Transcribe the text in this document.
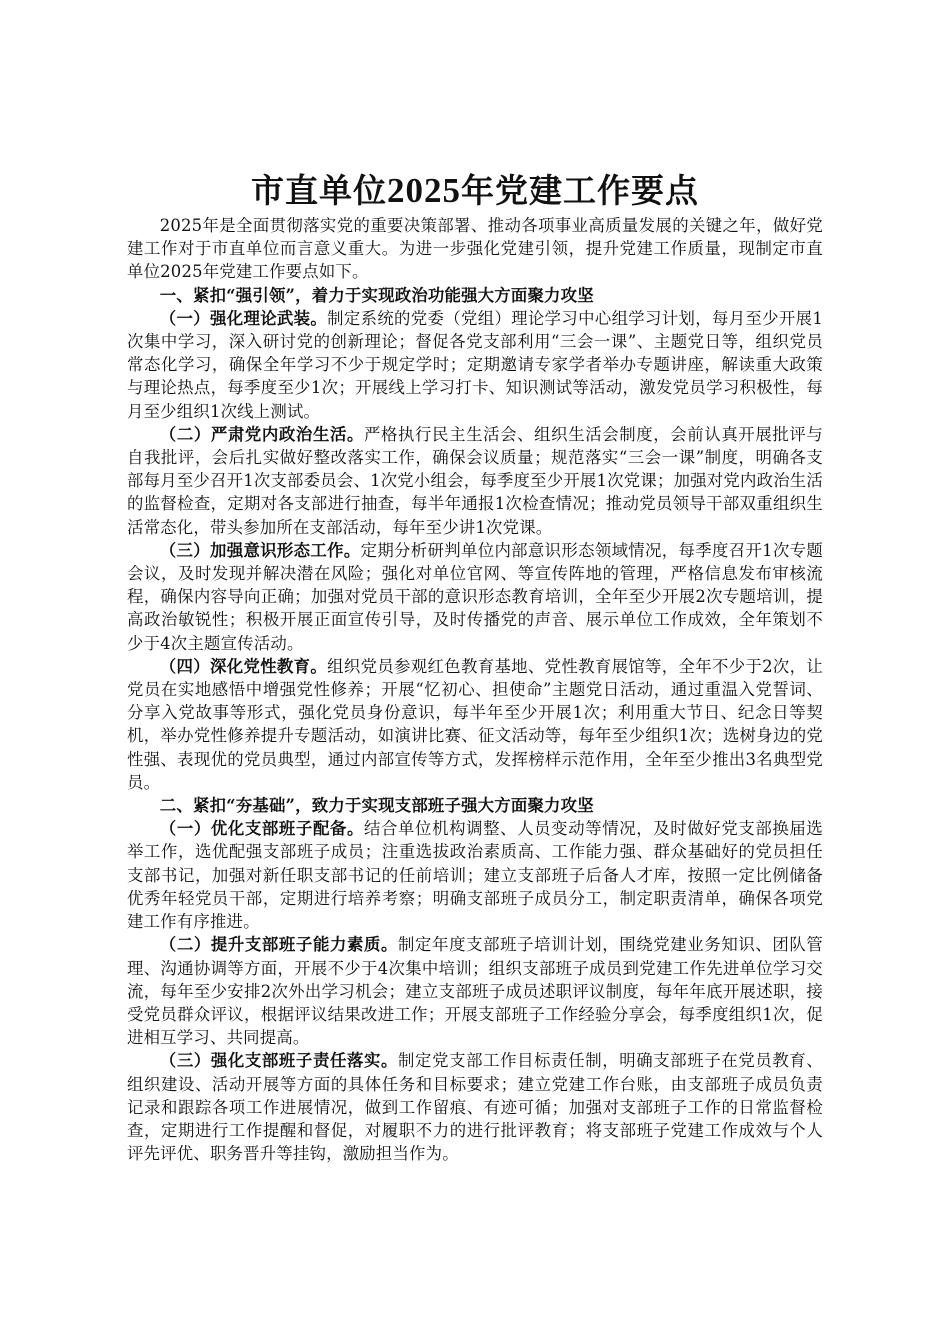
市直单位2025年党建工作要点

2025年是全面贯彻落实党的重要决策部署、推动各项事业高质量发展的关键之年，做好党建工作对于市直单位而言意义重大。为进一步强化党建引领，提升党建工作质量，现制定市直单位2025年党建工作要点如下。

一、紧扣“强引领”，着力于实现政治功能强大方面聚力攻坚

（一）强化理论武装。制定系统的党委（党组）理论学习中心组学习计划，每月至少开展1次集中学习，深入研讨党的创新理论；督促各党支部利用“三会一课”、主题党日等，组织党员常态化学习，确保全年学习不少于规定学时；定期邀请专家学者举办专题讲座，解读重大政策与理论热点，每季度至少1次；开展线上学习打卡、知识测试等活动，激发党员学习积极性，每月至少组织1次线上测试。

（二）严肃党内政治生活。严格执行民主生活会、组织生活会制度，会前认真开展批评与自我批评，会后扎实做好整改落实工作，确保会议质量；规范落实“三会一课”制度，明确各支部每月至少召开1次支部委员会、1次党小组会，每季度至少开展1次党课；加强对党内政治生活的监督检查，定期对各支部进行抽查，每半年通报1次检查情况；推动党员领导干部双重组织生活常态化，带头参加所在支部活动，每年至少讲1次党课。

（三）加强意识形态工作。定期分析研判单位内部意识形态领域情况，每季度召开1次专题会议，及时发现并解决潜在风险；强化对单位官网、等宣传阵地的管理，严格信息发布审核流程，确保内容导向正确；加强对党员干部的意识形态教育培训，全年至少开展2次专题培训，提高政治敏锐性；积极开展正面宣传引导，及时传播党的声音、展示单位工作成效，全年策划不少于4次主题宣传活动。

（四）深化党性教育。组织党员参观红色教育基地、党性教育展馆等，全年不少于2次，让党员在实地感悟中增强党性修养；开展“忆初心、担使命”主题党日活动，通过重温入党誓词、分享入党故事等形式，强化党员身份意识，每半年至少开展1次；利用重大节日、纪念日等契机，举办党性修养提升专题活动，如演讲比赛、征文活动等，每年至少组织1次；选树身边的党性强、表现优的党员典型，通过内部宣传等方式，发挥榜样示范作用，全年至少推出3名典型党员。

二、紧扣“夯基础”，致力于实现支部班子强大方面聚力攻坚

（一）优化支部班子配备。结合单位机构调整、人员变动等情况，及时做好党支部换届选举工作，选优配强支部班子成员；注重选拔政治素质高、工作能力强、群众基础好的党员担任支部书记，加强对新任职支部书记的任前培训；建立支部班子后备人才库，按照一定比例储备优秀年轻党员干部，定期进行培养考察；明确支部班子成员分工，制定职责清单，确保各项党建工作有序推进。

（二）提升支部班子能力素质。制定年度支部班子培训计划，围绕党建业务知识、团队管理、沟通协调等方面，开展不少于4次集中培训；组织支部班子成员到党建工作先进单位学习交流，每年至少安排2次外出学习机会；建立支部班子成员述职评议制度，每年年底开展述职，接受党员群众评议，根据评议结果改进工作；开展支部班子工作经验分享会，每季度组织1次，促进相互学习、共同提高。

（三）强化支部班子责任落实。制定党支部工作目标责任制，明确支部班子在党员教育、组织建设、活动开展等方面的具体任务和目标要求；建立党建工作台账，由支部班子成员负责记录和跟踪各项工作进展情况，做到工作留痕、有迹可循；加强对支部班子工作的日常监督检查，定期进行工作提醒和督促，对履职不力的进行批评教育；将支部班子党建工作成效与个人评先评优、职务晋升等挂钩，激励担当作为。
